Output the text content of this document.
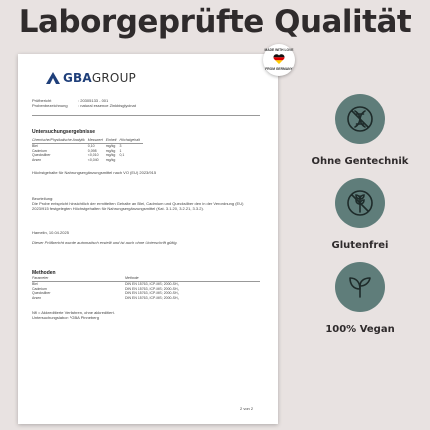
Laborgeprüfte Qualität
GBAGROUP
Prüfbericht	: 20305133 - 001
Probenbezeichnung	: natural essence Zinkbisglycinat
Untersuchungsergebnisse
Chemische/Physikalische Analytik	Messwert	Einheit	Höchstgehalt
Blei	0,10	mg/kg	3
Cadmium	0,098	mg/kg	1
Quecksilber	<0,010	mg/kg	0,1
Arsen	<0,040	mg/kg	
Höchstgehalte für Nahrungsergänzungsmittel nach VO (EU) 2023/915
Beurteilung:
Die Probe entspricht hinsichtlich der ermittelten Gehalte an Blei, Cadmium und Quecksilber den in der Verordnung (EU) 2023/915 festgelegten Höchstgehalten für Nahrungsergänzungsmittel (Kat. 3.1.20, 3.2.21, 3.3.2).
Hamelin, 10.04.2025
Dieser Prüfbericht wurde automatisch erstellt und ist auch ohne Unterschrift gültig.
Methoden
Parameter	Methode
Blei	DIN EN 15763, ICP-MS; 2000-SH₁
Cadmium	DIN EN 15763, ICP-MS; 2000-SH₁
Quecksilber	DIN EN 15763, ICP-MS; 2000-SH₁
Arsen	DIN EN 15763, ICP-MS; 2000-SH₁
Nfl = Akkreditierte Verfahren, ohne akkreditiert.
Untersuchungslabor: ¹GBA Pinneberg
2 von 2
MADE WITH LOVE
FROM GERMANY
Ohne Gentechnik
Glutenfrei
100% Vegan
